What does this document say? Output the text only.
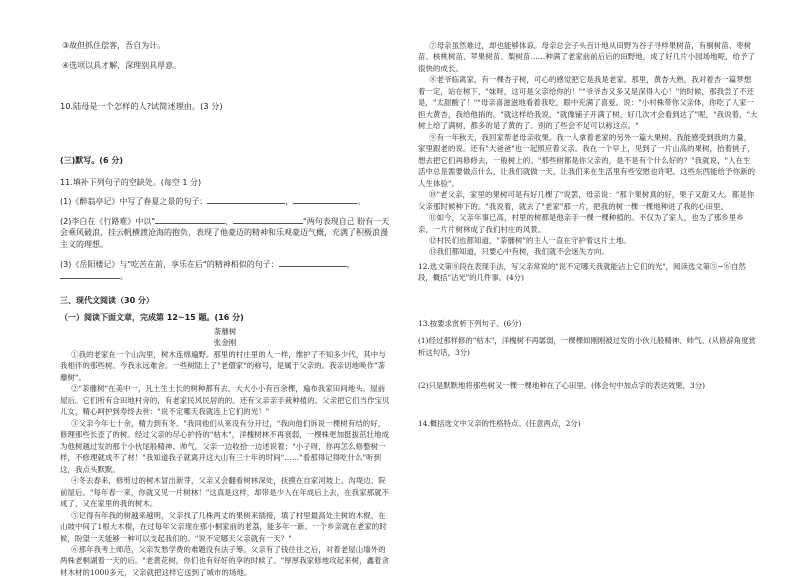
③故但抓住偿客，吾自为计。

④选项以具才解，深理别具厚意。

10.陆母是一个怎样的人?试简述理由。(3 分)

(三)默写。(6 分)

11.填补下列句子的空缺处。(每空 1 分)

(1)《醉翁亭记》中写了春夏之景的句子：	，	。

(2)李白在《行路难》中以"	，	"两句表现自己 盼有一天会乘风破浪，挂云帆横渡沧海的抱负，表现了他豪迈的精神和乐观豪迈气概，充满了积极浪漫主义的理想。

(3)《岳阳楼记》与"吃苦在前，享乐在后"的精神相似的句子：	，。

三、现代文阅读（30 分）

（一）阅读下面文章，完成第 12~15 题。(16 分)

荼蘼树
张金刚

①我的老家在一个山沟里，树木连绵遍野。那里的村庄里的人一样，维护了不知多少代，其中与我相伴的那些树。今我永远难舍。一些树陆上了"老僧家"的称号，是属于父亲的。我亲切地唤作"荼蘼树"。

②"荼蘼树"在美中一，凡土生土长的树种都有去。大大小小有百余棵，遍布我家田间地头、屋前屋后。它们所有合田地村旁的，有老家民风民居的的。还有父亲亲手栽种植的。父亲把它们当作宝贝儿女，精心呵护到寿终去世："说不定哪天我就连上它们的光！"

③父亲今年七十余，精力到有冬。"我同他们从来没有分开过，"我向他们诉说一棵树有结的好，修理那些长歪了的树。经过父亲的尽心护持的"枯木"，洋槐树林不再衰弱，一棵株更加挺拔茁壮地成为他树越过发的那个小伙尾般精神、帅气。父亲一边收拾一边述说着："小子呀，你再怎么修整树一样，不修理就成不了材！"我知道我子就离开这大山有三十年的时间"……"看那得记得吃什么"听到这，我点头默默。

④冬去春来，修剪过的树木冒出新芽，父亲又会翻看树林深处，抚摸在自家河坡上、沟堤边、院前屋后。"每年春一来，你就又见一片树林！"这真是这样，却带是少人在年成后上去，在我家那就不成了，又在家里的我的树木。

⑤记得有年我的树越来越明，父亲找了几株两丈的果树来插接，填了村里最高处主树的木棍，在山坡中间了1根大木棍，在过每年父亲现在那小桐家前的老荔，能多年一新。一个乡亲就在老家的时候，盼望一天能够一种可以支起我们的。"说不定哪天父亲就有一天？"

⑥那年我考上师范，父亲发愁学费的难题没有法子筹。父亲有了钱往往之后，对着老屋山墙外的两株老桐湖着一天的后。"老黄花树，你们也有好好的享的时候了。"厚厚我家修地攻起来树，鑫着贪材木材的1000多元，父亲就把这样它送到了城市的场地。

⑦母亲虽然难过，却也能够体谅。母亲总会子头百计地从田野为谷子寻样果树苗，有桐树苗、枣树苗、核桃树苗、苹果树苗、梨树苗……种满了老家前前后后的田野地，成了好几片小园场地呢，给予了很快的成长。

⑧老爷临离家，有一棵杏子树，可心的感觉把它是我是老家。那里，黄杏大熟，我对着杏一篇梦想着一定，站在树下，"妹呀，这可是父亲给你的！""爷爷杏又多又是深得人心！"的时候，那我尝了不还是，"太甜酸了！""母亲喜滋滋地看着我吃，眼中充满了喜爱。说："小村株带你父亲体，你吃了人家一担大黄杏，我给他捎的。"就这样给我说，"就像铺子开满了树，好几次才会看到达了"呢，"我说着，"大树上给了满树，都多的是了黄的了。别的了些会不足可以称这点。"

⑨有一年秋天，我回家帮老母亲收果。我一人拿着老家的另外一篇大果树。我能感受到我的力量，家里跟老的说。还有"大爸爸"也一起照应着父亲。我在一个早上，见到了一片山高的果树，抬着挑子，想去把它们再修修去，一般树上的。"那些树都是你父亲的，是不是有个什么好的？"我就说，"人在生活中总是需要做点什么，让我们就做一天，让我们来在生活里有些安慰也许吧。这些东西能给予你新的人生体验"。

⑩"老父亲，家里的果树可是有好几棵了"说罢，母亲说："那个果树真的好，果子又甜又大。都是你父亲那时候种下的。"我说着，就去了"老家"那一片，把我的树一棵一棵地种进了我的心田里。

⑪如今，父亲年事已高，村里的树都是他亲手一棵一棵种植的。不仅为了家人，也为了那乡里乡亲。一片片树林成了我们村庄的风景。

⑫村民们也都知道，"荼蘼树"的主人一直在守护着这片土地。

⑬我们都知道，只要心中有树，我们就不会迷失方向。

12.选文第⑧段在表现手法，写父亲常说的"说不定哪天我就能沾上它们的光"，阅读选文第⑤~⑥自然段，概括"沾光"的几件事。(4分)

13.按要求赏析下列句子。(6分)

(1)经过那样修的"枯木"，洋槐树不再孱弱，一棵棵如刚刚被过发的小伙儿般精神、帅气。(从修辞角度赏析这句话，3分)

(2)只是默默地将那些树又一棵一棵地种在了心田里。(体会句中加点字的表达效果，3分)

14.概括选文中父亲的性格特点。(任意两点，2分)
